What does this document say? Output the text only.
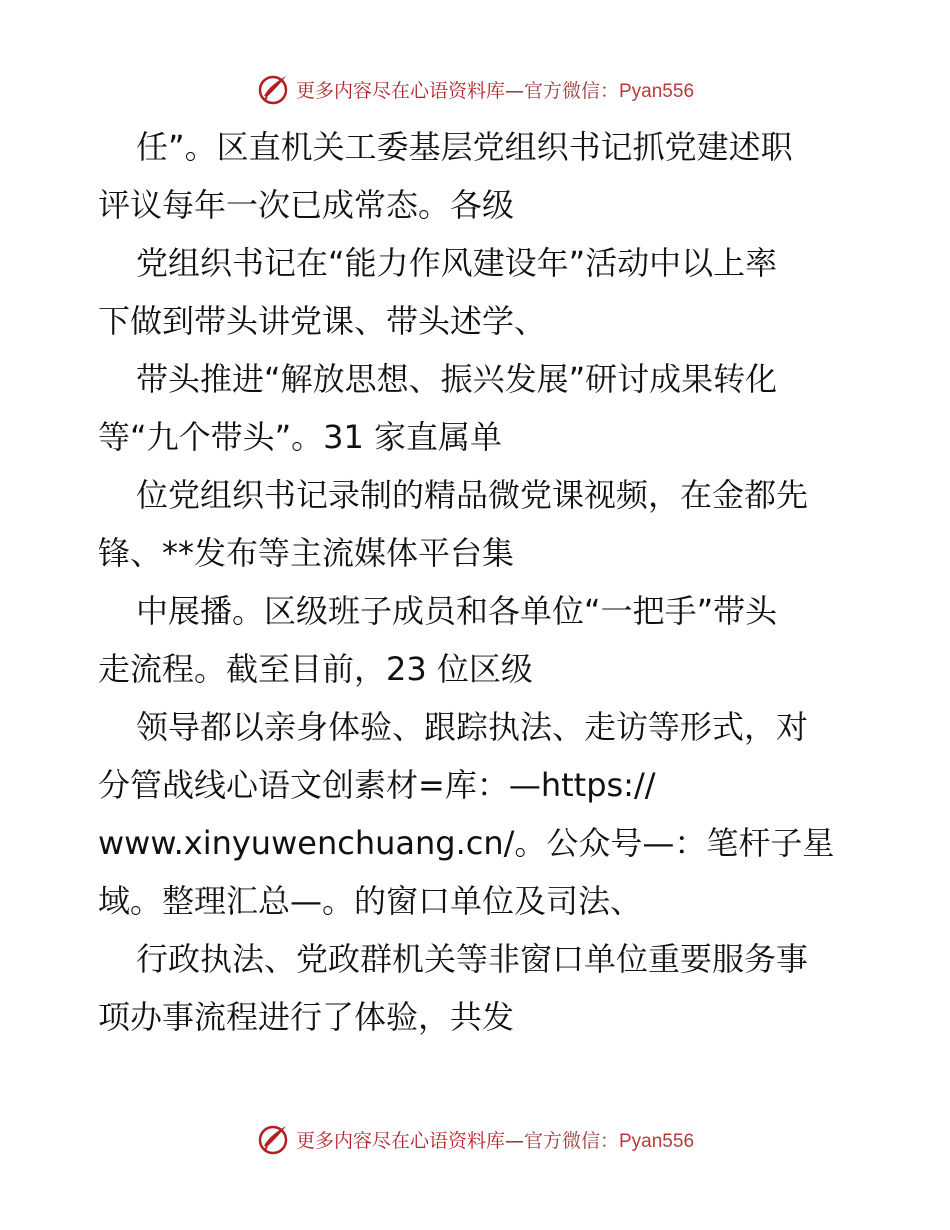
更多内容尽在心语资料库—官方微信：Pyan556
任”。区直机关工委基层党组织书记抓党建述职
评议每年一次已成常态。各级
党组织书记在“能力作风建设年”活动中以上率
下做到带头讲党课、带头述学、
带头推进“解放思想、振兴发展”研讨成果转化
等“九个带头”。31 家直属单
位党组织书记录制的精品微党课视频，在金都先
锋、**发布等主流媒体平台集
中展播。区级班子成员和各单位“一把手”带头
走流程。截至目前，23 位区级
领导都以亲身体验、跟踪执法、走访等形式，对
分管战线心语文创素材=库：—https://
www.xinyuwenchuang.cn/。公众号—：笔杆子星
域。整理汇总—。的窗口单位及司法、
行政执法、党政群机关等非窗口单位重要服务事
项办事流程进行了体验，共发
更多内容尽在心语资料库—官方微信：Pyan556
